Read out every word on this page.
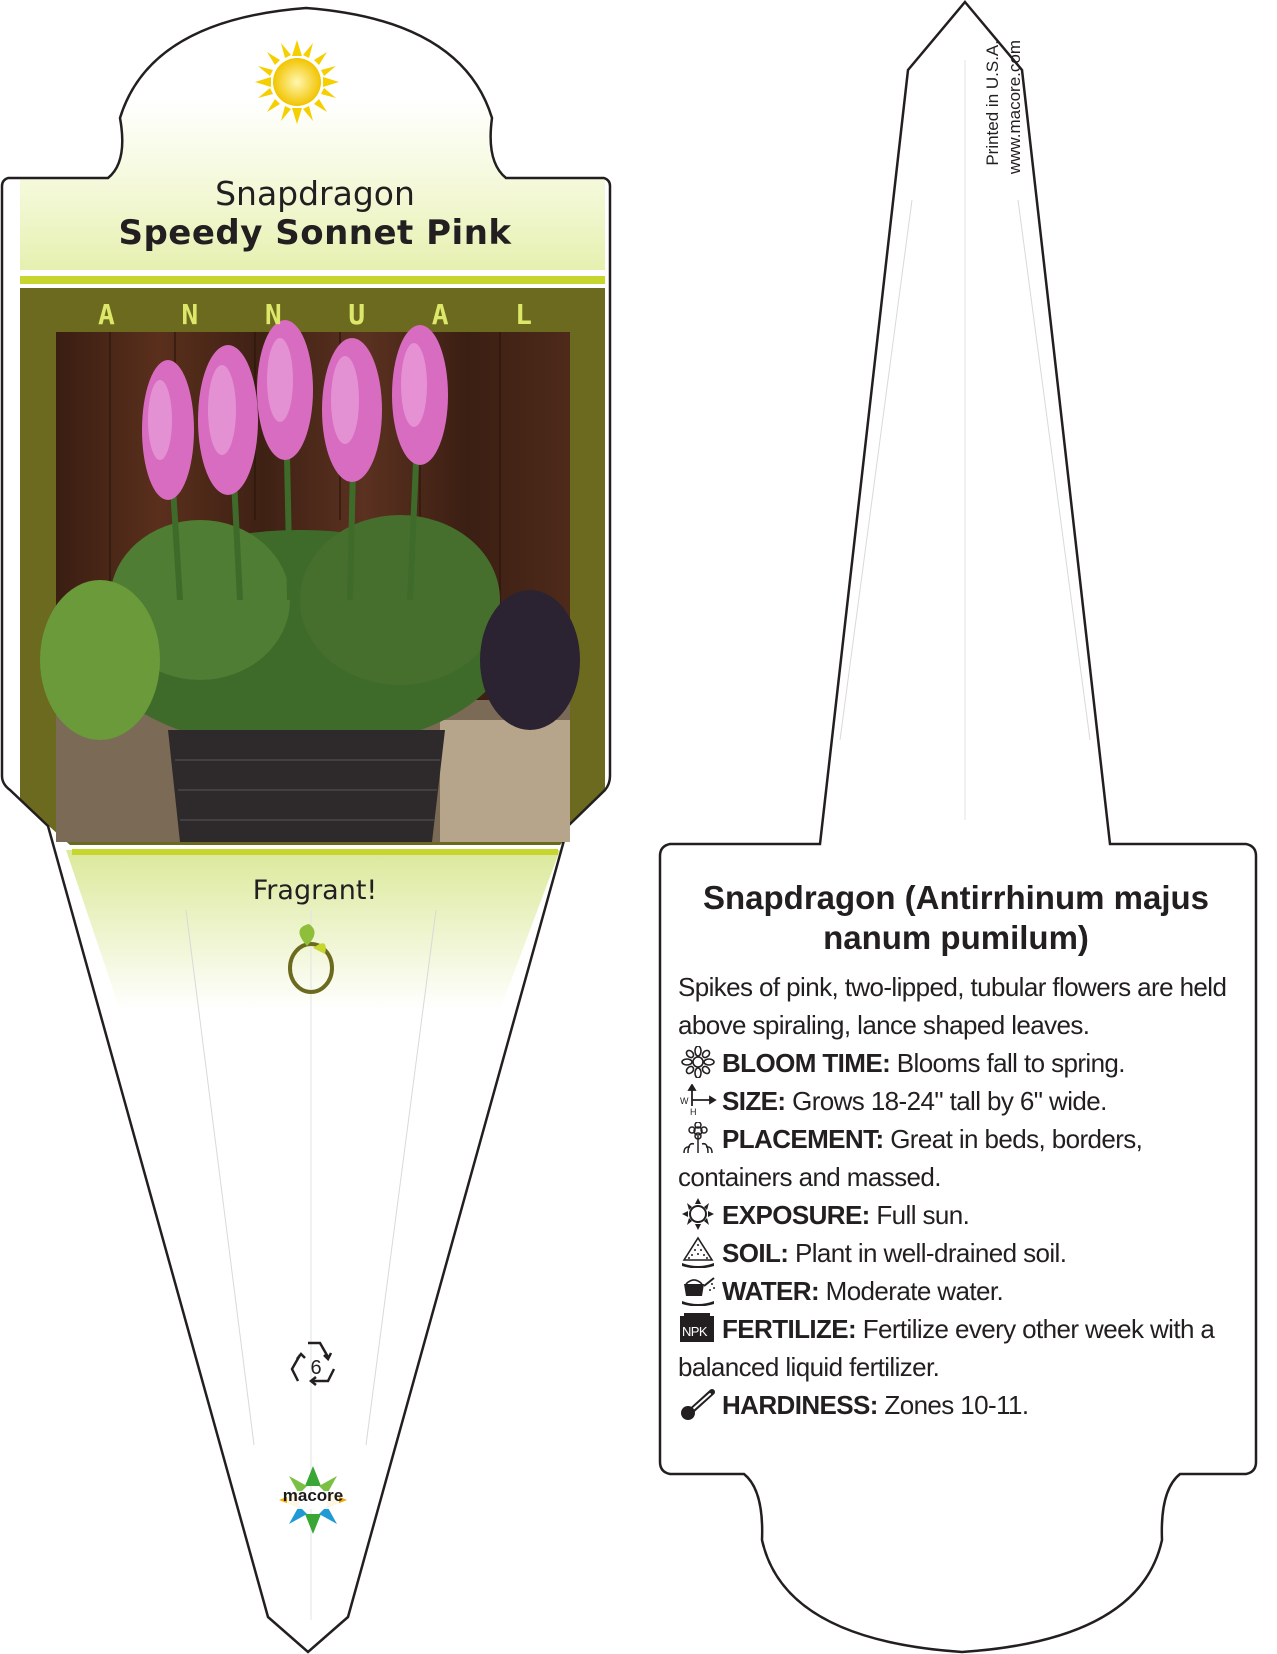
Snapdragon
Speedy Sonnet Pink
A N N U A L
Fragrant!
6
macore
Printed in U.S.A. www.macore.com
Snapdragon (Antirrhinum majus nanum pumilum)

Spikes of pink, two-lipped, tubular flowers are held above spiraling, lance shaped leaves.

BLOOM TIME: Blooms fall to spring.
W
H SIZE: Grows 18-24" tall by 6" wide.
PLACEMENT: Great in beds, borders, containers and massed.
EXPOSURE: Full sun.
SOIL: Plant in well-drained soil.
WATER: Moderate water.
NPK FERTILIZE: Fertilize every other week with a balanced liquid fertilizer.
HARDINESS: Zones 10-11.
